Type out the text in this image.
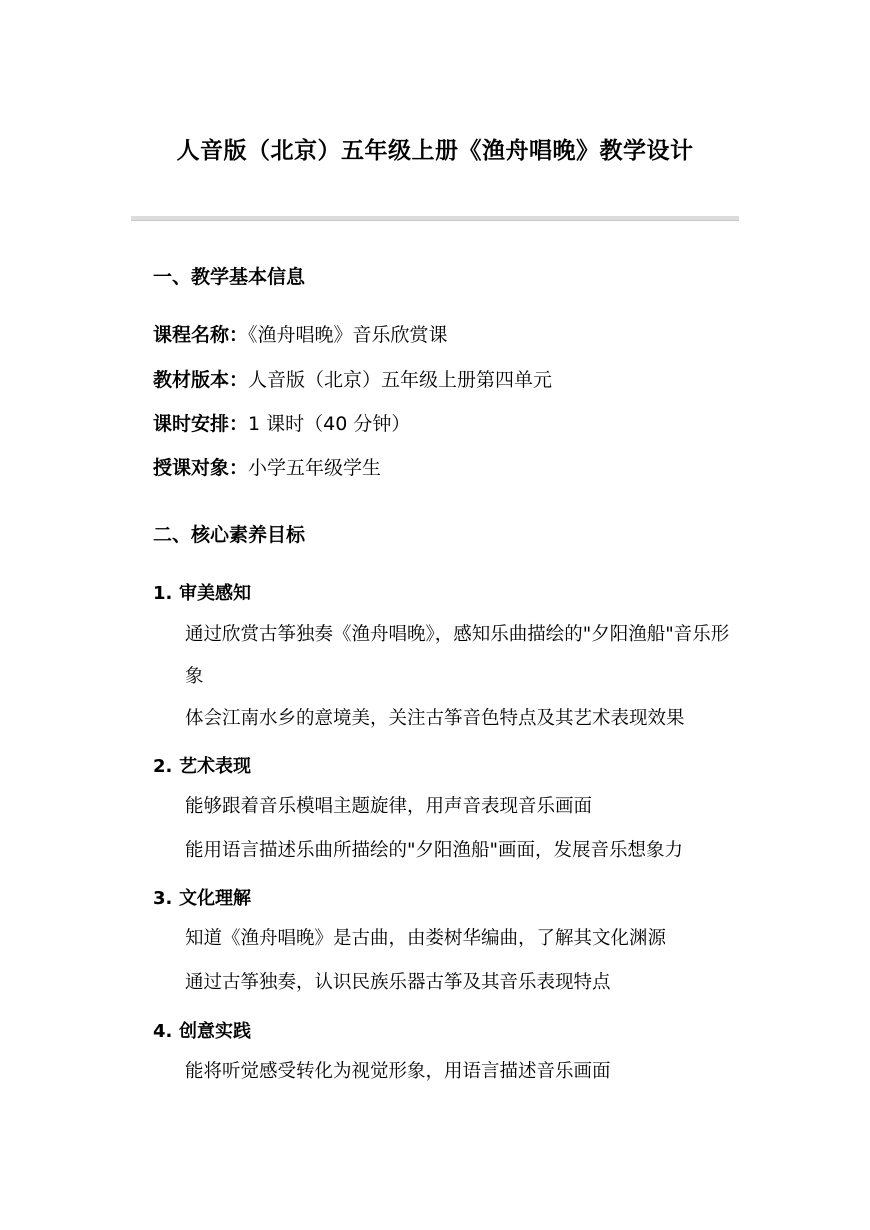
人音版（北京）五年级上册《渔舟唱晚》教学设计
一、教学基本信息
课程名称：《渔舟唱晚》音乐欣赏课
教材版本：人音版（北京）五年级上册第四单元
课时安排：1 课时（40 分钟）
授课对象：小学五年级学生
二、核心素养目标
1. 审美感知
通过欣赏古筝独奏《渔舟唱晚》，感知乐曲描绘的"夕阳渔船"音乐形象
体会江南水乡的意境美，关注古筝音色特点及其艺术表现效果
2. 艺术表现
能够跟着音乐模唱主题旋律，用声音表现音乐画面
能用语言描述乐曲所描绘的"夕阳渔船"画面，发展音乐想象力
3. 文化理解
知道《渔舟唱晚》是古曲，由娄树华编曲，了解其文化渊源
通过古筝独奏，认识民族乐器古筝及其音乐表现特点
4. 创意实践
能将听觉感受转化为视觉形象，用语言描述音乐画面
